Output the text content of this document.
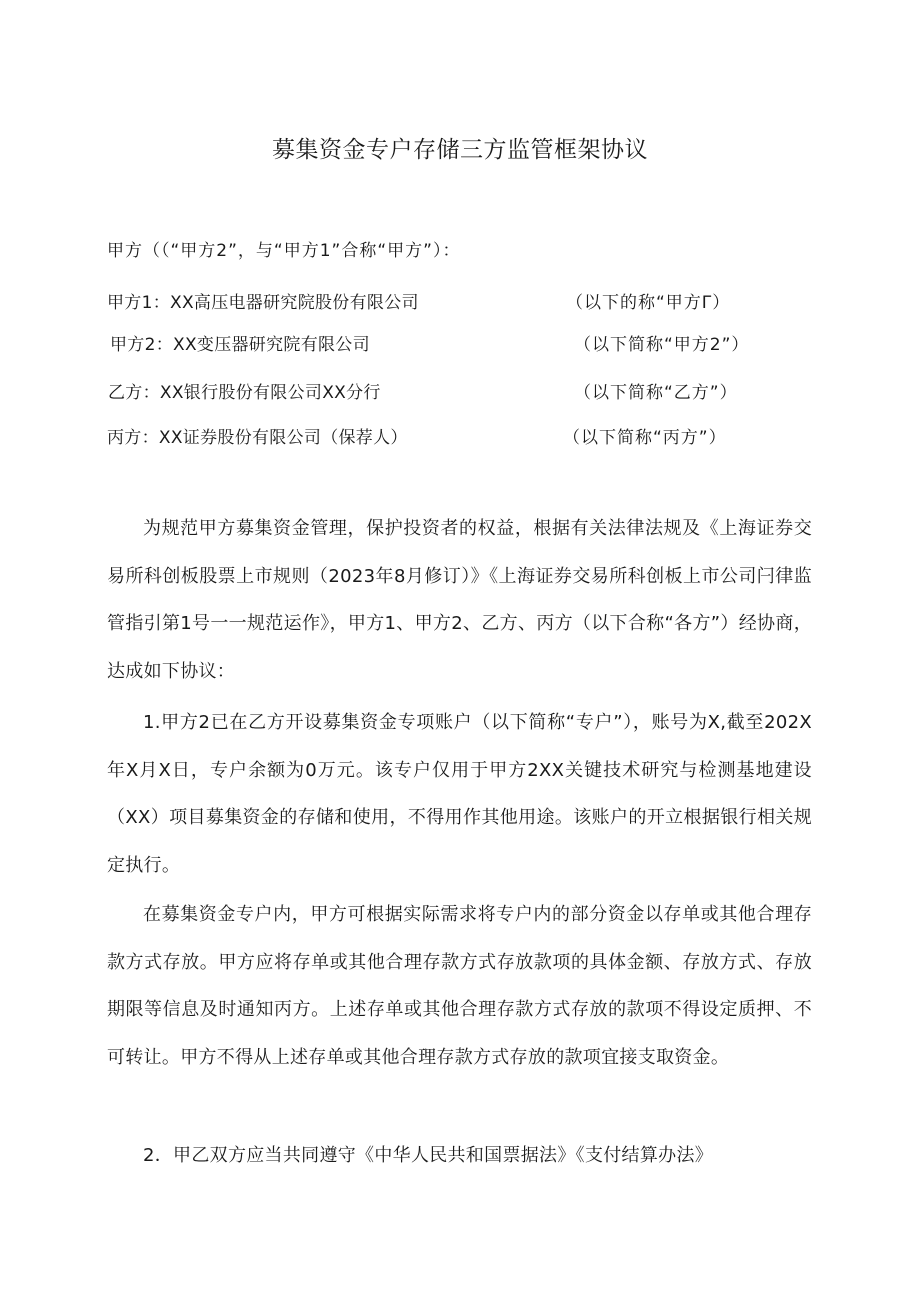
募集资金专户存储三方监管框架协议
甲方（（“甲方2”，与“甲方1”合称“甲方”）：
甲方1：XX高压电器研究院股份有限公司	（以下的称“甲方Γ）
甲方2：XX变压器研究院有限公司	（以下简称“甲方2”）
乙方：XX银行股份有限公司XX分行	（以下简称“乙方”）
丙方：XX证券股份有限公司（保荐人）	（以下简称“丙方”）

为规范甲方募集资金管理，保护投资者的权益，根据有关法律法规及《上海证券交易所科创板股票上市规则（2023年8月修订）》《上海证券交易所科创板上市公司闩律监管指引第1号一一规范运作》，甲方1、甲方2、乙方、丙方（以下合称“各方”）经协商，达成如下协议：

1.甲方2已在乙方开设募集资金专项账户（以下简称“专户”），账号为X,截至202X年X月X日，专户余额为0万元。该专户仅用于甲方2XX关键技术研究与检测基地建设（XX）项目募集资金的存储和使用，不得用作其他用途。该账户的开立根据银行相关规定执行。

在募集资金专户内，甲方可根据实际需求将专户内的部分资金以存单或其他合理存款方式存放。甲方应将存单或其他合理存款方式存放款项的具体金额、存放方式、存放期限等信息及时通知丙方。上述存单或其他合理存款方式存放的款项不得设定质押、不可转让。甲方不得从上述存单或其他合理存款方式存放的款项宜接支取资金。

2．甲乙双方应当共同遵守《中华人民共和国票据法》《支付结算办法》
